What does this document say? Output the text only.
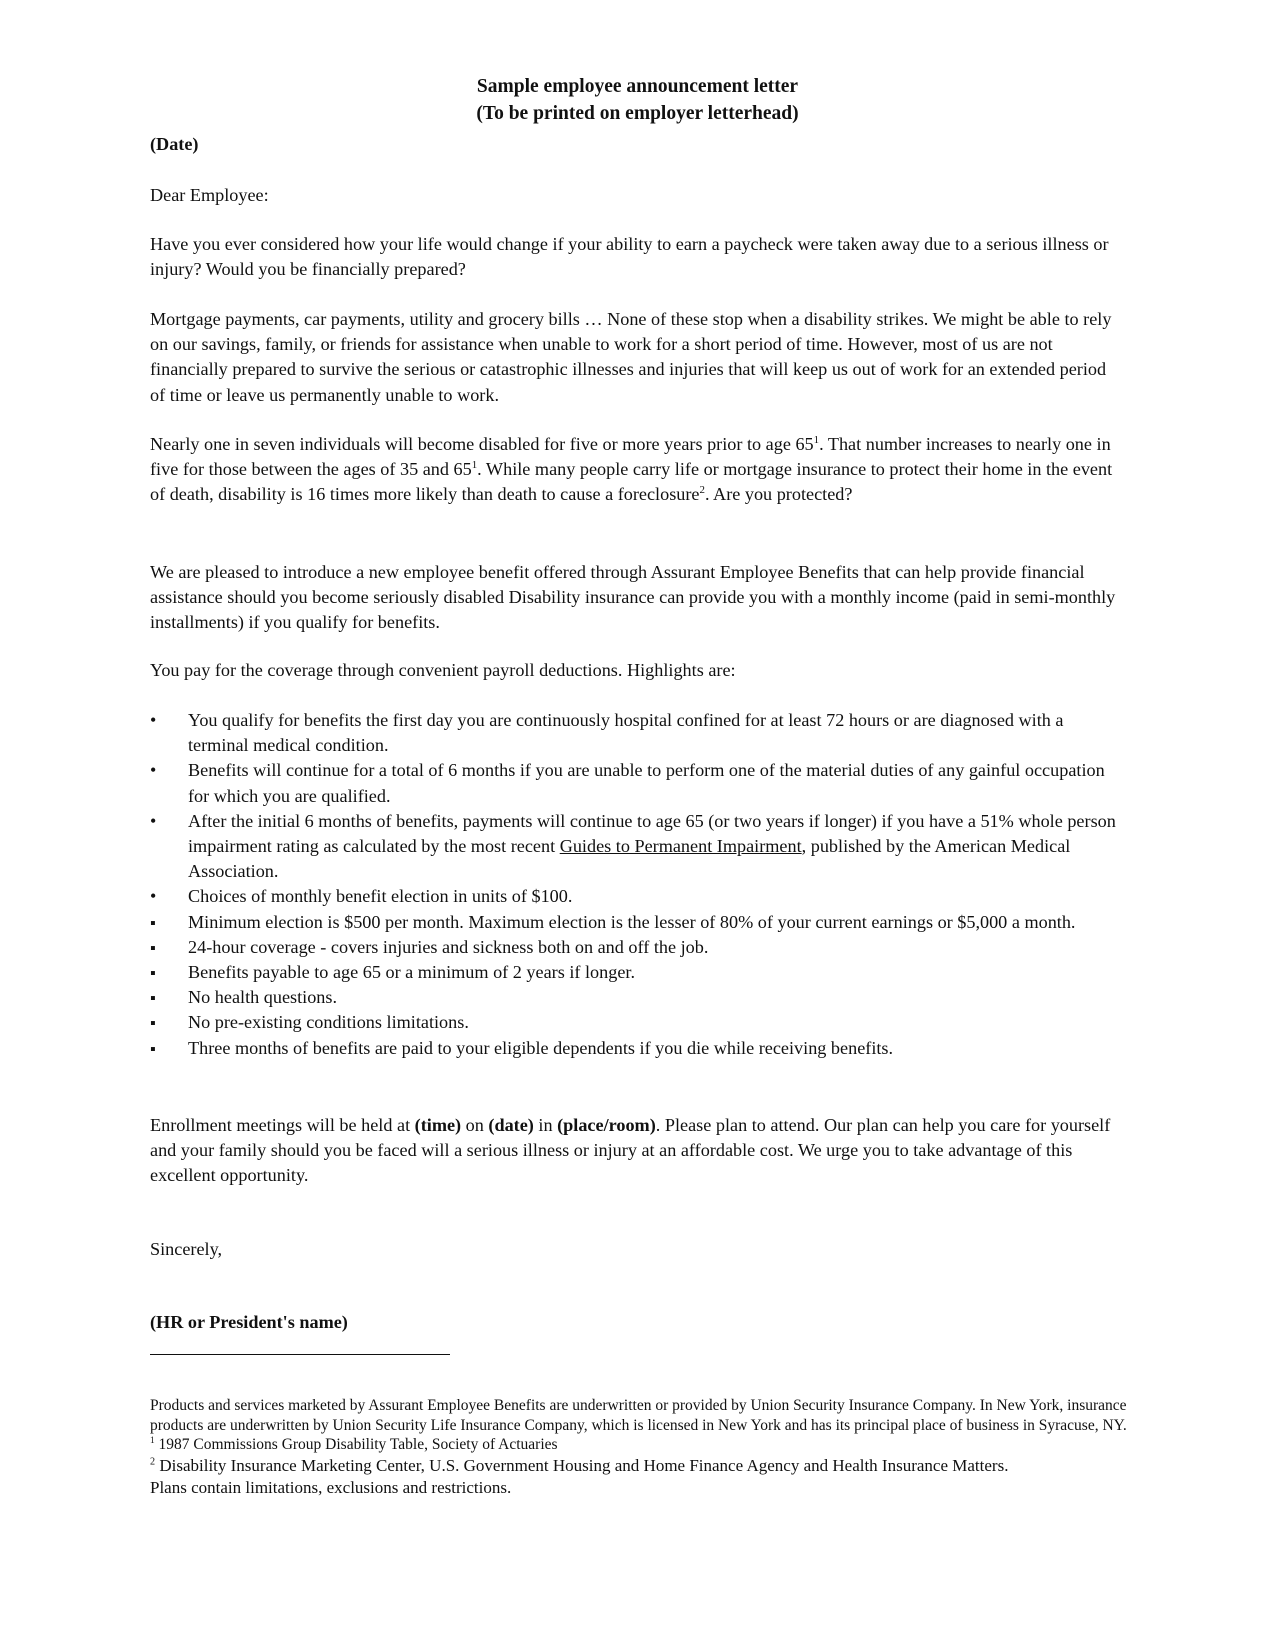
Sample employee announcement letter
(To be printed on employer letterhead)
(Date)
Dear Employee:
Have you ever considered how your life would change if your ability to earn a paycheck were taken away due to a serious illness or injury? Would you be financially prepared?
Mortgage payments, car payments, utility and grocery bills … None of these stop when a disability strikes. We might be able to rely on our savings, family, or friends for assistance when unable to work for a short period of time. However, most of us are not financially prepared to survive the serious or catastrophic illnesses and injuries that will keep us out of work for an extended period of time or leave us permanently unable to work.
Nearly one in seven individuals will become disabled for five or more years prior to age $65^1$. That number increases to nearly one in five for those between the ages of 35 and $65^1$. While many people carry life or mortgage insurance to protect their home in the event of death, disability is 16 times more likely than death to cause a foreclosure$^2$. Are you protected?
We are pleased to introduce a new employee benefit offered through Assurant Employee Benefits that can help provide financial assistance should you become seriously disabled Disability insurance can provide you with a monthly income (paid in semi-monthly installments) if you qualify for benefits.
You pay for the coverage through convenient payroll deductions. Highlights are:
•
You qualify for benefits the first day you are continuously hospital confined for at least 72 hours or are diagnosed with a terminal medical condition.
•
Benefits will continue for a total of 6 months if you are unable to perform one of the material duties of any gainful occupation for which you are qualified.
•
After the initial 6 months of benefits, payments will continue to age 65 (or two years if longer) if you have a 51% whole person impairment rating as calculated by the most recent Guides to Permanent Impairment, published by the American Medical Association.
•
Choices of monthly benefit election in units of $100.
▪
Minimum election is $500 per month. Maximum election is the lesser of 80% of your current earnings or $5,000 a month.
▪
24-hour coverage - covers injuries and sickness both on and off the job.
▪
Benefits payable to age 65 or a minimum of 2 years if longer.
▪
No health questions.
▪
No pre-existing conditions limitations.
▪
Three months of benefits are paid to your eligible dependents if you die while receiving benefits.
Enrollment meetings will be held at (time) on (date) in (place/room). Please plan to attend. Our plan can help you care for yourself and your family should you be faced will a serious illness or injury at an affordable cost. We urge you to take advantage of this excellent opportunity.
Sincerely,
(HR or President's name)
Products and services marketed by Assurant Employee Benefits are underwritten or provided by Union Security Insurance Company. In New York, insurance products are underwritten by Union Security Life Insurance Company, which is licensed in New York and has its principal place of business in Syracuse, NY.
$^1$ 1987 Commissions Group Disability Table, Society of Actuaries
$^2$ Disability Insurance Marketing Center, U.S. Government Housing and Home Finance Agency and Health Insurance Matters.
Plans contain limitations, exclusions and restrictions.
